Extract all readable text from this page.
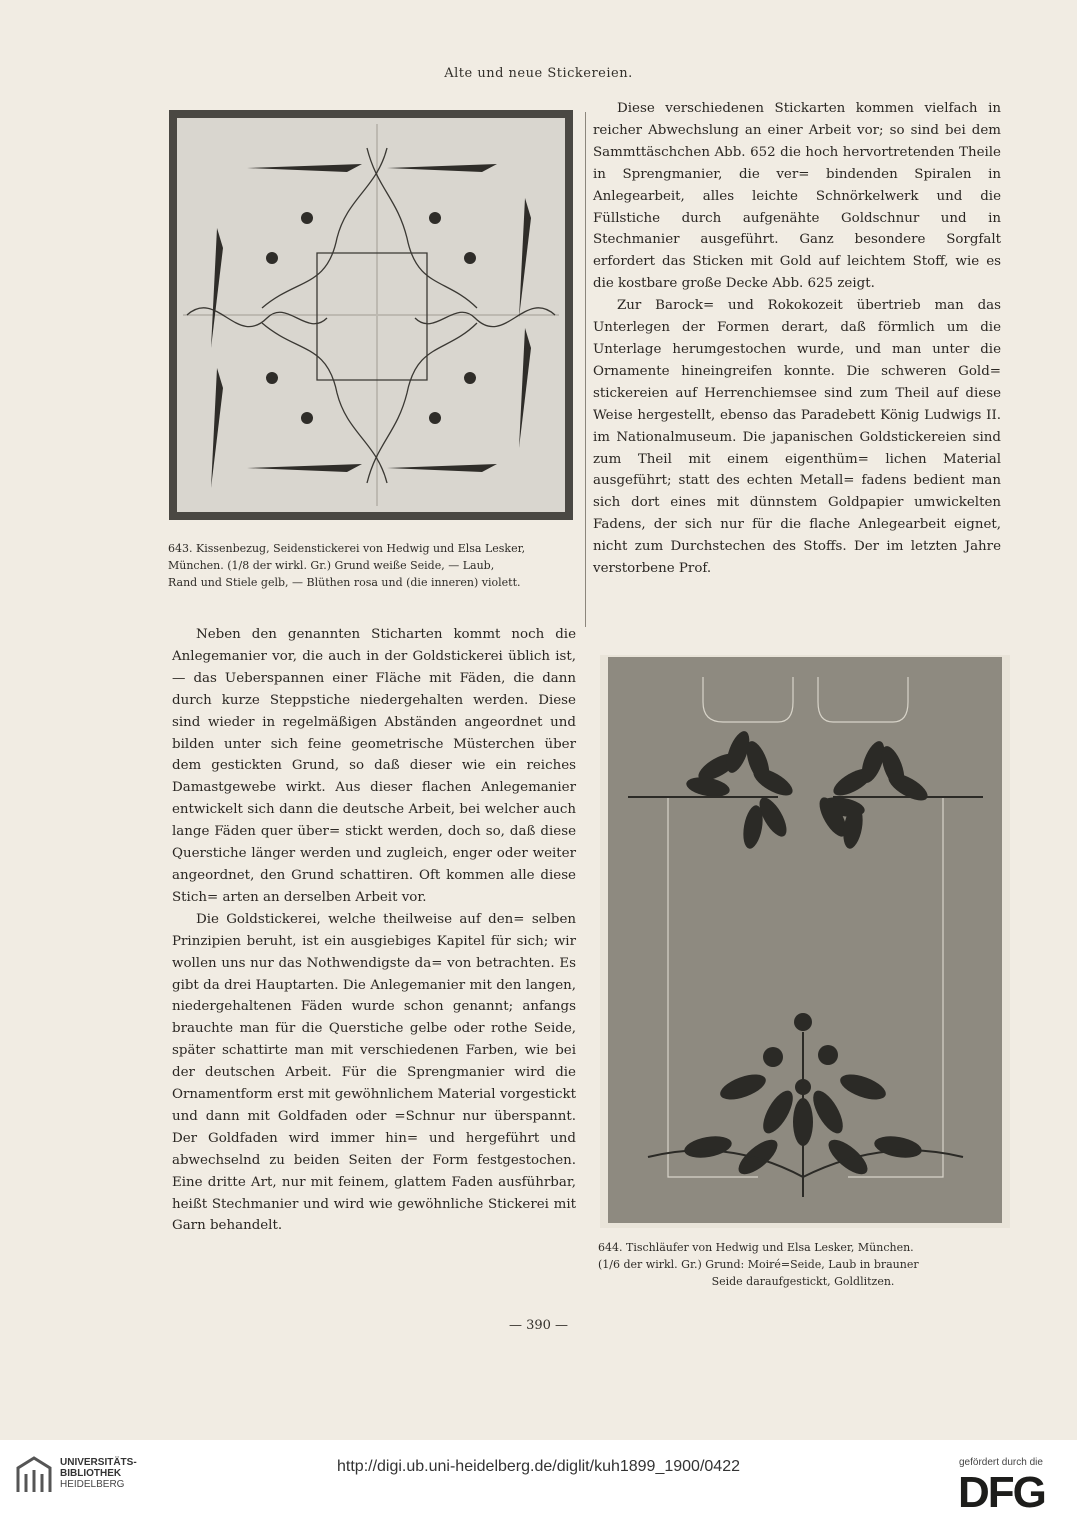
Alte und neue Stickereien.
643. Kissenbezug, Seidenstickerei von Hedwig und Elsa Lesker,
München. (1/8 der wirkl. Gr.) Grund weiße Seide, — Laub,
Rand und Stiele gelb, — Blüthen rosa und (die inneren) violett.

Diese verschiedenen Stickarten kommen vielfach in reicher Abwechslung an einer Arbeit vor; so sind bei dem Sammttäschchen Abb. 652 die hoch hervortretenden Theile in Sprengmanier, die ver= bindenden Spiralen in Anlegearbeit, alles leichte Schnörkelwerk und die Füllstiche durch aufgenähte Goldschnur und in Stechmanier ausgeführt. Ganz besondere Sorgfalt erfordert das Sticken mit Gold auf leichtem Stoff, wie es die kostbare große Decke Abb. 625 zeigt.

Zur Barock= und Rokokozeit übertrieb man das Unterlegen der Formen derart, daß förmlich um die Unterlage herumgestochen wurde, und man unter die Ornamente hineingreifen konnte. Die schweren Gold= stickereien auf Herrenchiemsee sind zum Theil auf diese Weise hergestellt, ebenso das Paradebett König Ludwigs II. im Nationalmuseum. Die japanischen Goldstickereien sind zum Theil mit einem eigenthüm= lichen Material ausgeführt; statt des echten Metall= fadens bedient man sich dort eines mit dünnstem Goldpapier umwickelten Fadens, der sich nur für die flache Anlegearbeit eignet, nicht zum Durchstechen des Stoffs. Der im letzten Jahre verstorbene Prof.

Neben den genannten Sticharten kommt noch die Anlegemanier vor, die auch in der Goldstickerei üblich ist, — das Ueberspannen einer Fläche mit Fäden, die dann durch kurze Steppstiche niedergehalten werden. Diese sind wieder in regelmäßigen Abständen angeordnet und bilden unter sich feine geometrische Müsterchen über dem gestickten Grund, so daß dieser wie ein reiches Damastgewebe wirkt. Aus dieser flachen Anlegemanier entwickelt sich dann die deutsche Arbeit, bei welcher auch lange Fäden quer über= stickt werden, doch so, daß diese Querstiche länger werden und zugleich, enger oder weiter angeordnet, den Grund schattiren. Oft kommen alle diese Stich= arten an derselben Arbeit vor.

Die Goldstickerei, welche theilweise auf den= selben Prinzipien beruht, ist ein ausgiebiges Kapitel für sich; wir wollen uns nur das Nothwendigste da= von betrachten. Es gibt da drei Hauptarten. Die Anlegemanier mit den langen, niedergehaltenen Fäden wurde schon genannt; anfangs brauchte man für die Querstiche gelbe oder rothe Seide, später schattirte man mit verschiedenen Farben, wie bei der deutschen Arbeit. Für die Sprengmanier wird die Ornamentform erst mit gewöhnlichem Material vorgestickt und dann mit Goldfaden oder =Schnur nur überspannt. Der Goldfaden wird immer hin= und hergeführt und abwechselnd zu beiden Seiten der Form festgestochen. Eine dritte Art, nur mit feinem, glattem Faden ausführbar, heißt Stechmanier und wird wie gewöhnliche Stickerei mit Garn behandelt.

644. Tischläufer von Hedwig und Elsa Lesker, München.
(1/6 der wirkl. Gr.) Grund: Moiré=Seide, Laub in brauner
Seide daraufgestickt, Goldlitzen.
— 390 —
UNIVERSITÄTS-
BIBLIOTHEK
HEIDELBERG
http://digi.ub.uni-heidelberg.de/diglit/kuh1899_1900/0422	gefördert durch die
DFG
